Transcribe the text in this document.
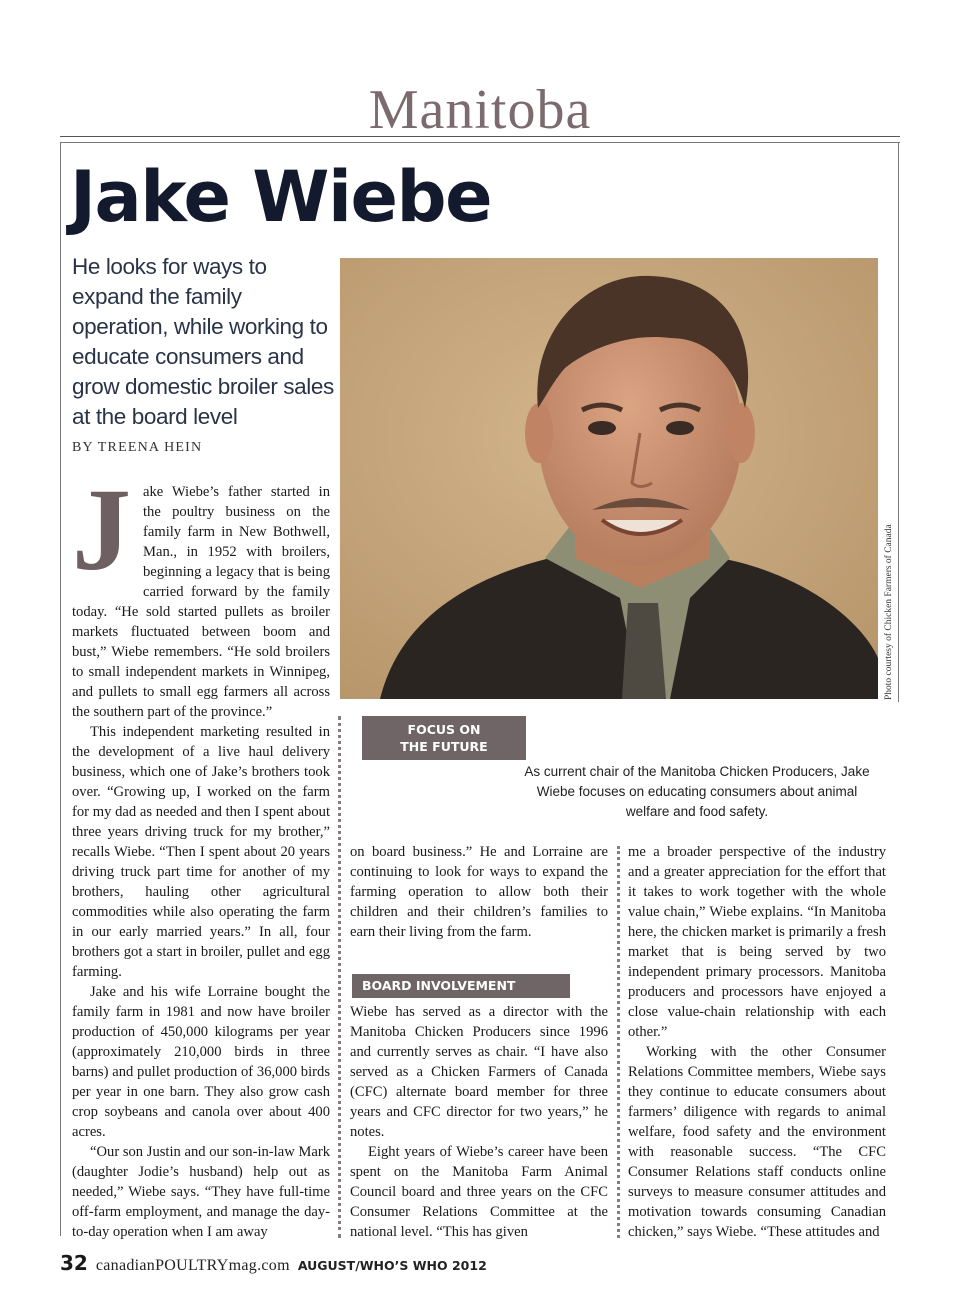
Manitoba
Jake Wiebe
He looks for ways to expand the family operation, while working to educate consumers and grow domestic broiler sales at the board level
BY TREENA HEIN
Photo courtesy of Chicken Farmers of Canada
J ake Wiebe’s father started in the poultry business on the family farm in New Bothwell, Man., in 1952 with broilers, beginning a legacy that is being carried forward by the family today. “He sold started pullets as broiler markets fluctuated between boom and bust,” Wiebe remembers. “He sold broilers to small independent markets in Winnipeg, and pullets to small egg farmers all across the southern part of the province.”

This independent marketing resulted in the development of a live haul delivery business, which one of Jake’s brothers took over. “Growing up, I worked on the farm for my dad as needed and then I spent about three years driving truck for my brother,” recalls Wiebe. “Then I spent about 20 years driving truck part time for another of my brothers, hauling other agricultural commodities while also operating the farm in our early married years.” In all, four brothers got a start in broiler, pullet and egg farming.

Jake and his wife Lorraine bought the family farm in 1981 and now have broiler production of 450,000 kilograms per year (approximately 210,000 birds in three barns) and pullet production of 36,000 birds per year in one barn. They also grow cash crop soybeans and canola over about 400 acres.

“Our son Justin and our son-in-law Mark (daughter Jodie’s husband) help out as needed,” Wiebe says. “They have full-time off-farm employment, and manage the day-to-day operation when I am away

FOCUS ON
THE FUTURE
As current chair of the Manitoba Chicken Producers, Jake Wiebe focuses on educating consumers about animal welfare and food safety.

on board business.” He and Lorraine are continuing to look for ways to expand the farming operation to allow both their children and their children’s families to earn their living from the farm.

BOARD INVOLVEMENT

Wiebe has served as a director with the Manitoba Chicken Producers since 1996 and currently serves as chair. “I have also served as a Chicken Farmers of Canada (CFC) alternate board member for three years and CFC director for two years,” he notes.

Eight years of Wiebe’s career have been spent on the Manitoba Farm Animal Council board and three years on the CFC Consumer Relations Committee at the national level. “This has given

me a broader perspective of the industry and a greater appreciation for the effort that it takes to work together with the whole value chain,” Wiebe explains. “In Manitoba here, the chicken market is primarily a fresh market that is being served by two independent primary processors. Manitoba producers and processors have enjoyed a close value-chain relationship with each other.”

Working with the other Consumer Relations Committee members, Wiebe says they continue to educate consumers about farmers’ diligence with regards to animal welfare, food safety and the environment with reasonable success. “The CFC Consumer Relations staff conducts online surveys to measure consumer attitudes and motivation towards consuming Canadian chicken,” says Wiebe. “These attitudes and

32 canadianPOULTRYmag.com AUGUST/WHO’S WHO 2012
